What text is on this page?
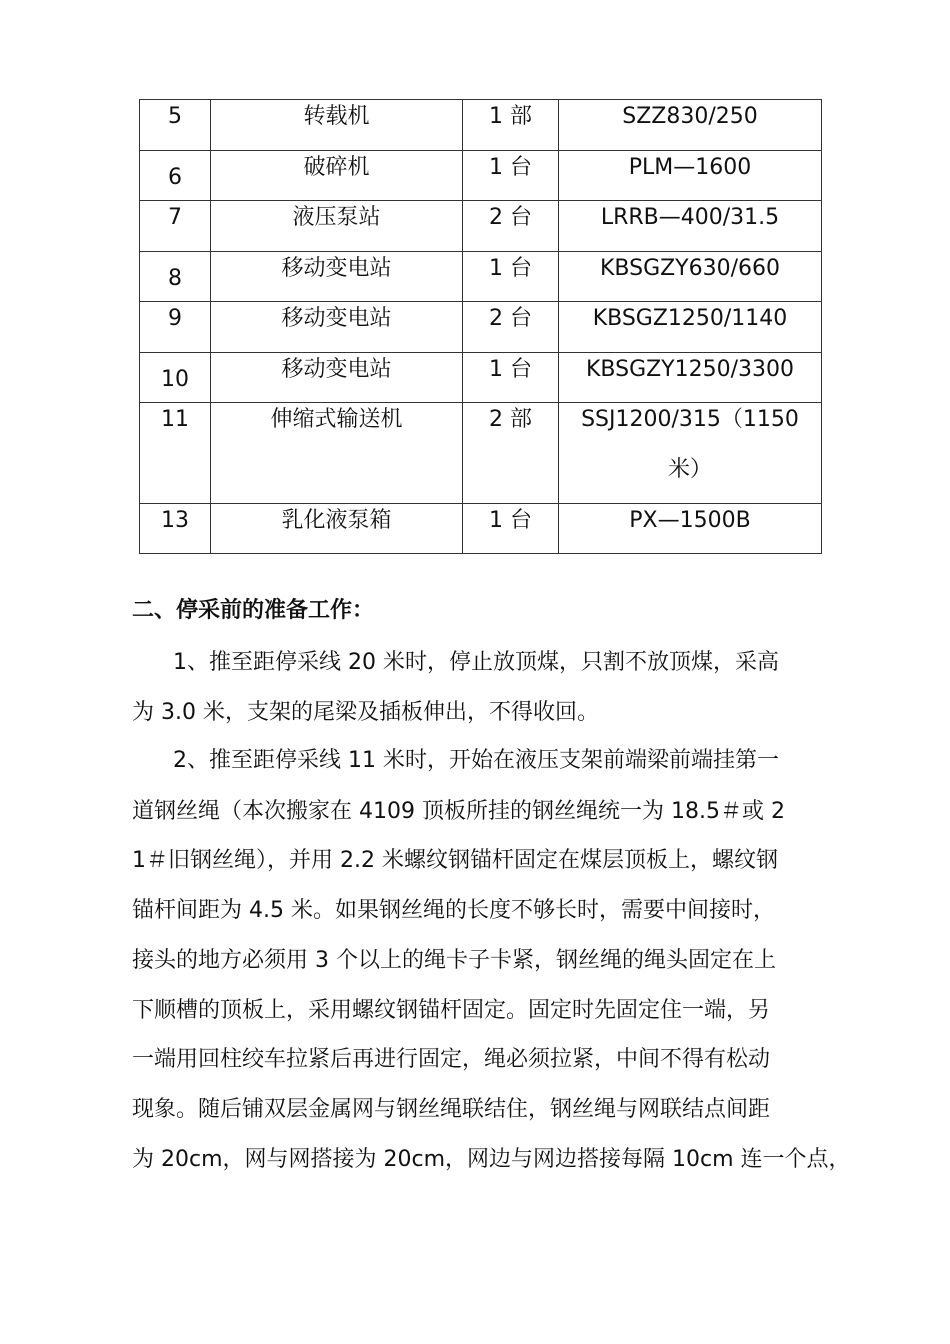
5	转载机	1 部	SZZ830/250
6	破碎机	1 台	PLM—1600
7	液压泵站	2 台	LRRB—400/31.5
8	移动变电站	1 台	KBSGZY630/660
9	移动变电站	2 台	KBSGZ1250/1140
10	移动变电站	1 台	KBSGZY1250/3300
11	伸缩式输送机	2 部	SSJ1200/315（1150
米）

13	乳化液泵箱	1 台	PX—1500B
二、停采前的准备工作：
1、推至距停采线 20 米时，停止放顶煤，只割不放顶煤，采高
为 3.0 米，支架的尾梁及插板伸出，不得收回。
2、推至距停采线 11 米时，开始在液压支架前端梁前端挂第一
道钢丝绳（本次搬家在 4109 顶板所挂的钢丝绳统一为 18.5＃或 2
1＃旧钢丝绳），并用 2.2 米螺纹钢锚杆固定在煤层顶板上，螺纹钢
锚杆间距为 4.5 米。如果钢丝绳的长度不够长时，需要中间接时，
接头的地方必须用 3 个以上的绳卡子卡紧，钢丝绳的绳头固定在上
下顺槽的顶板上，采用螺纹钢锚杆固定。固定时先固定住一端，另
一端用回柱绞车拉紧后再进行固定，绳必须拉紧，中间不得有松动
现象。随后铺双层金属网与钢丝绳联结住，钢丝绳与网联结点间距
为 20cm，网与网搭接为 20cm，网边与网边搭接每隔 10cm 连一个点，
